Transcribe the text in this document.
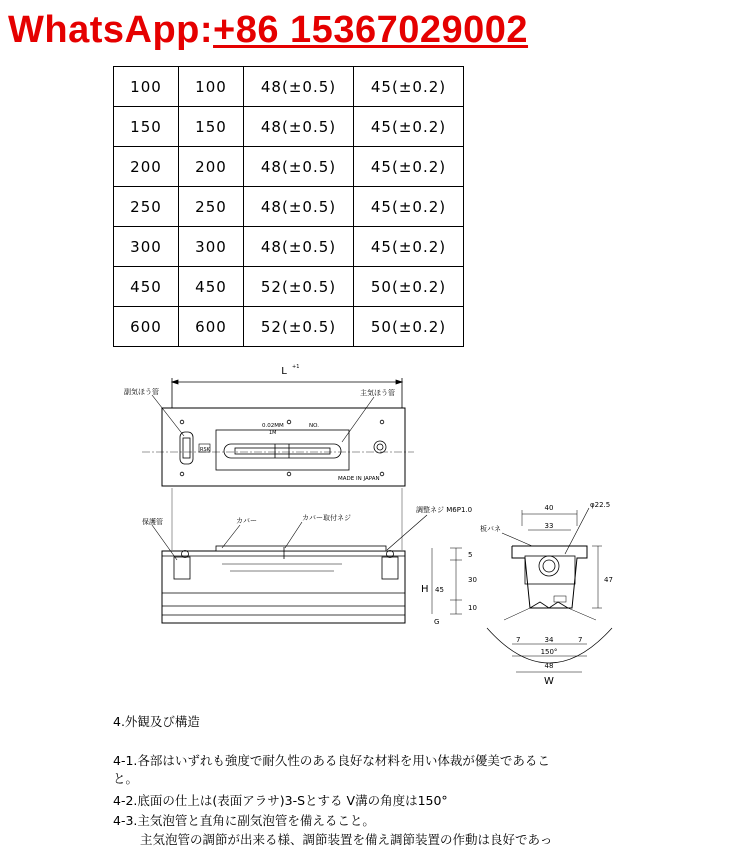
WhatsApp:+86 15367029002
100	100	48(±0.5)	45(±0.2)
150	150	48(±0.5)	45(±0.2)
200	200	48(±0.5)	45(±0.2)
250	250	48(±0.5)	45(±0.2)
300	300	48(±0.5)	45(±0.2)
450	450	52(±0.5)	50(±0.2)
600	600	52(±0.5)	50(±0.2)
L +1
副気ほう管	主気ほう管
0.02MM
1M
NO.
RSK
MADE IN JAPAN
保護管	カバー	カバー取付ネジ
調整ネジ M6P1.0
板バネ
40
33
φ22.5
5
30
10
H 45
47
7	34	7
150°
48
W
G
4.外観及び構造
4-1.各部はいずれも強度で耐久性のある良好な材料を用い体裁が優美であるこ
と。
4-2.底面の仕上は(表面アラサ)3-Sとする V溝の角度は150°
4-3.主気泡管と直角に副気泡管を備えること。
主気泡管の調節が出来る様、調節装置を備え調節装置の作動は良好であっ
